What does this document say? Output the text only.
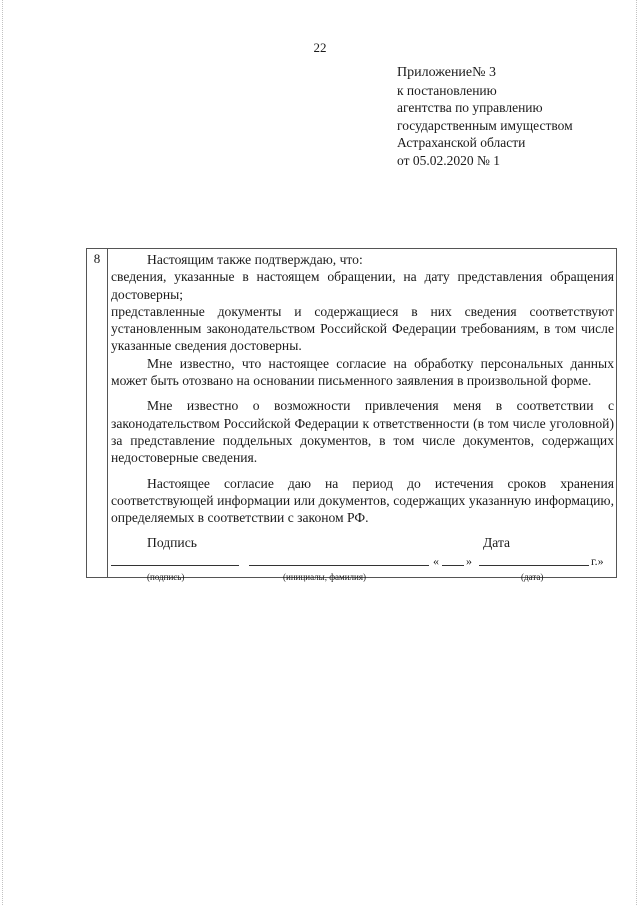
22
Приложение№ 3
к постановлению
агентства по управлению
государственным имуществом
Астраханской области
от 05.02.2020 № 1
8	Настоящим также подтверждаю, что:

сведения, указанные в настоящем обращении, на дату представления обращения достоверны;

представленные документы и содержащиеся в них сведения соответствуют установленным законодательством Российской Федерации требованиям, в том числе указанные сведения достоверны.

Мне известно, что настоящее согласие на обработку персональных данных может быть отозвано на основании письменного заявления в произвольной форме.

Мне известно о возможности привлечения меня в соответствии с законодательством Российской Федерации к ответственности (в том числе уголовной) за представление поддельных документов, в том числе документов, содержащих недостоверные сведения.

Настоящее согласие даю на период до истечения сроков хранения соответствующей информации или документов, содержащих указанную информацию, определяемых в соответствии с законом РФ.

Подпись	Дата
« »	г.»
(подпись)	(инициалы, фамилия)	(дата)
